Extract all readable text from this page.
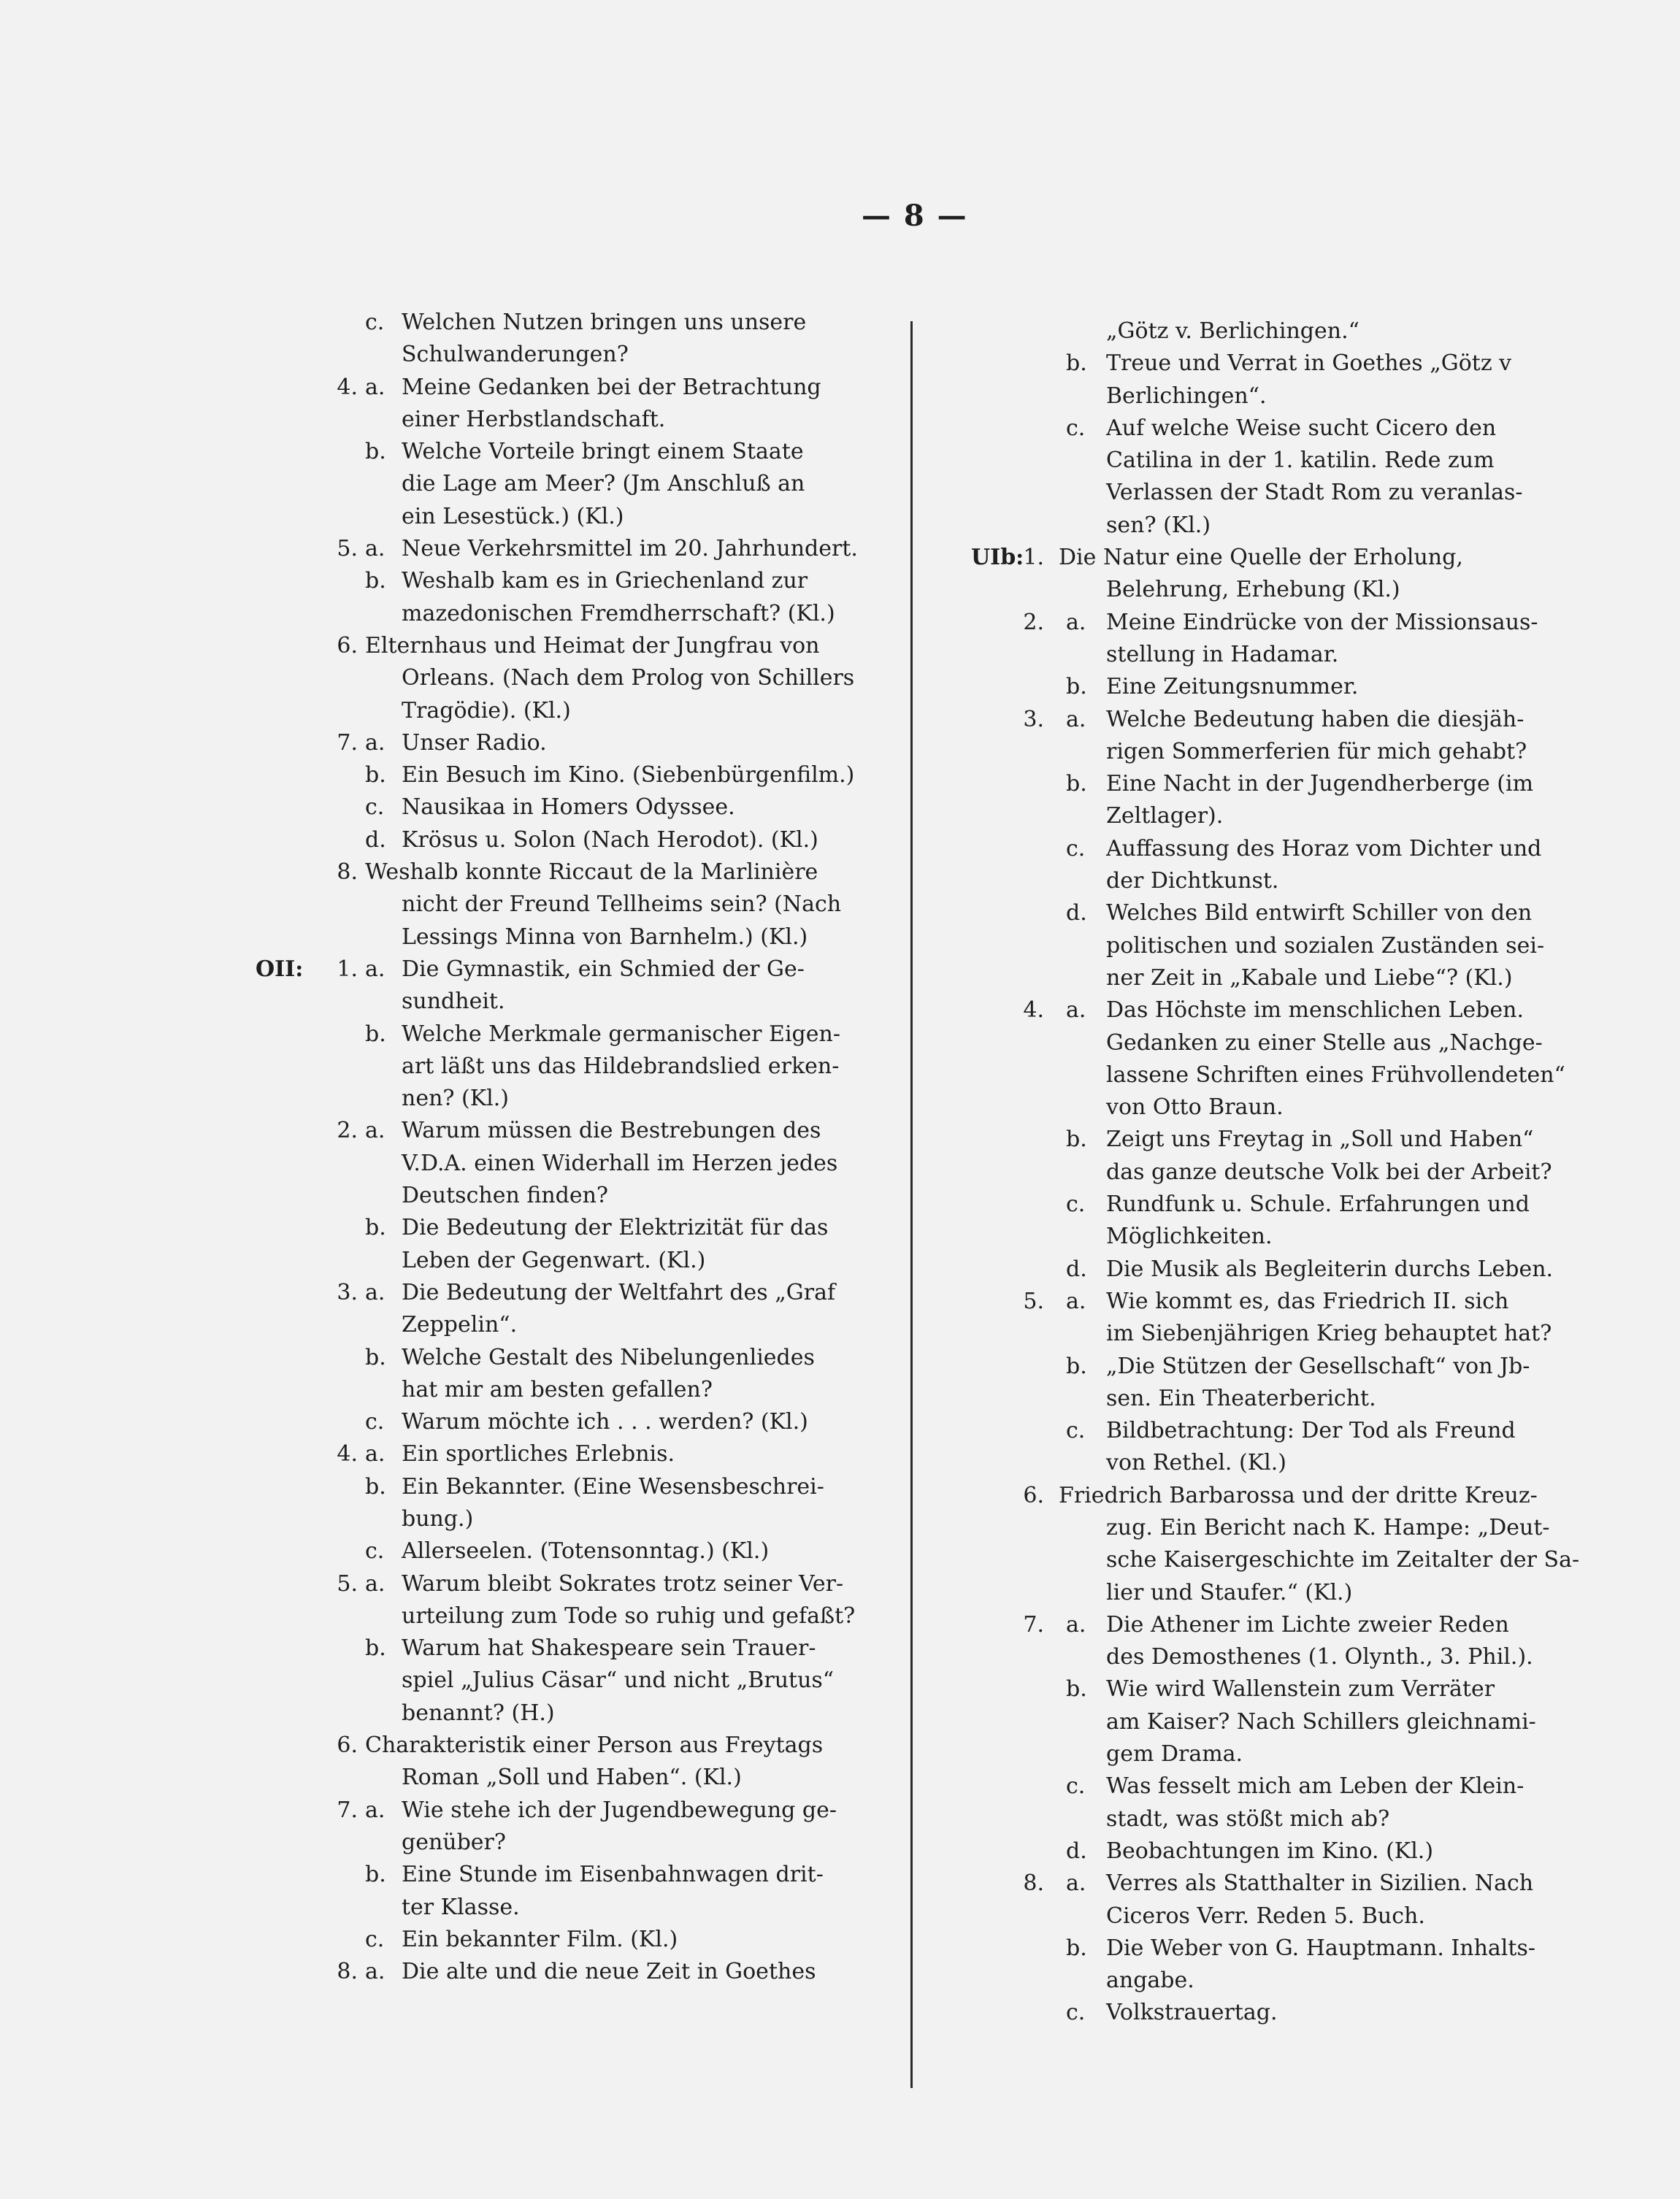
— 8 —
c. Welchen Nutzen bringen uns unsere
Schulwanderungen?
4. a. Meine Gedanken bei der Betrachtung
einer Herbstlandschaft.
b. Welche Vorteile bringt einem Staate
die Lage am Meer? (Jm Anschluß an
ein Lesestück.) (Kl.)
5. a. Neue Verkehrsmittel im 20. Jahrhundert.
b. Weshalb kam es in Griechenland zur
mazedonischen Fremdherrschaft? (Kl.)
6. Elternhaus und Heimat der Jungfrau von
Orleans. (Nach dem Prolog von Schillers
Tragödie). (Kl.)
7. a. Unser Radio.
b. Ein Besuch im Kino. (Siebenbürgenfilm.)
c. Nausikaa in Homers Odyssee.
d. Krösus u. Solon (Nach Herodot). (Kl.)
8. Weshalb konnte Riccaut de la Marlinière
nicht der Freund Tellheims sein? (Nach
Lessings Minna von Barnhelm.) (Kl.)
OII:	1. a. Die Gymnastik, ein Schmied der Ge-
sundheit.
b. Welche Merkmale germanischer Eigen-
art läßt uns das Hildebrandslied erken-
nen? (Kl.)
2. a. Warum müssen die Bestrebungen des
V.D.A. einen Widerhall im Herzen jedes
Deutschen finden?
b. Die Bedeutung der Elektrizität für das
Leben der Gegenwart. (Kl.)
3. a. Die Bedeutung der Weltfahrt des „Graf
Zeppelin“.
b. Welche Gestalt des Nibelungenliedes
hat mir am besten gefallen?
c. Warum möchte ich . . . werden? (Kl.)
4. a. Ein sportliches Erlebnis.
b. Ein Bekannter. (Eine Wesensbeschrei-
bung.)
c. Allerseelen. (Totensonntag.) (Kl.)
5. a. Warum bleibt Sokrates trotz seiner Ver-
urteilung zum Tode so ruhig und gefaßt?
b. Warum hat Shakespeare sein Trauer-
spiel „Julius Cäsar“ und nicht „Brutus“
benannt? (H.)
6. Charakteristik einer Person aus Freytags
Roman „Soll und Haben“. (Kl.)
7. a. Wie stehe ich der Jugendbewegung ge-
genüber?
b. Eine Stunde im Eisenbahnwagen drit-
ter Klasse.
c. Ein bekannter Film. (Kl.)
8. a. Die alte und die neue Zeit in Goethes
„Götz v. Berlichingen.“
b. Treue und Verrat in Goethes „Götz v
Berlichingen“.
c. Auf welche Weise sucht Cicero den
Catilina in der 1. katilin. Rede zum
Verlassen der Stadt Rom zu veranlas-
sen? (Kl.)
UIb: 1. Die Natur eine Quelle der Erholung,
Belehrung, Erhebung (Kl.)
2. a. Meine Eindrücke von der Missionsaus-
stellung in Hadamar.
b. Eine Zeitungsnummer.
3. a. Welche Bedeutung haben die diesjäh-
rigen Sommerferien für mich gehabt?
b. Eine Nacht in der Jugendherberge (im
Zeltlager).
c. Auffassung des Horaz vom Dichter und
der Dichtkunst.
d. Welches Bild entwirft Schiller von den
politischen und sozialen Zuständen sei-
ner Zeit in „Kabale und Liebe“? (Kl.)
4. a. Das Höchste im menschlichen Leben.
Gedanken zu einer Stelle aus „Nachge-
lassene Schriften eines Frühvollendeten“
von Otto Braun.
b. Zeigt uns Freytag in „Soll und Haben“
das ganze deutsche Volk bei der Arbeit?
c. Rundfunk u. Schule. Erfahrungen und
Möglichkeiten.
d. Die Musik als Begleiterin durchs Leben.
5. a. Wie kommt es, das Friedrich II. sich
im Siebenjährigen Krieg behauptet hat?
b. „Die Stützen der Gesellschaft“ von Jb-
sen. Ein Theaterbericht.
c. Bildbetrachtung: Der Tod als Freund
von Rethel. (Kl.)
6. Friedrich Barbarossa und der dritte Kreuz-
zug. Ein Bericht nach K. Hampe: „Deut-
sche Kaisergeschichte im Zeitalter der Sa-
lier und Staufer.“ (Kl.)
7. a. Die Athener im Lichte zweier Reden
des Demosthenes (1. Olynth., 3. Phil.).
b. Wie wird Wallenstein zum Verräter
am Kaiser? Nach Schillers gleichnami-
gem Drama.
c. Was fesselt mich am Leben der Klein-
stadt, was stößt mich ab?
d. Beobachtungen im Kino. (Kl.)
8. a. Verres als Statthalter in Sizilien. Nach
Ciceros Verr. Reden 5. Buch.
b. Die Weber von G. Hauptmann. Inhalts-
angabe.
c. Volkstrauertag.
